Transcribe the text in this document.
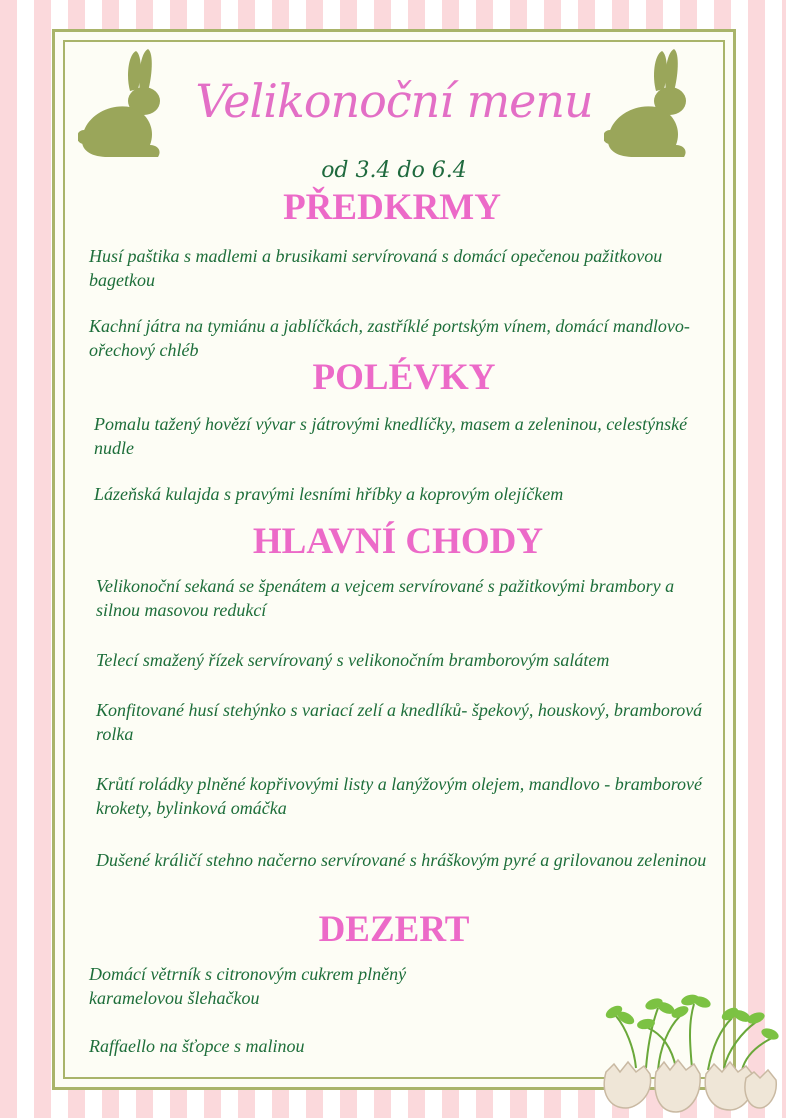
Velikonoční menu
od 3.4 do 6.4
PŘEDKRMY
Husí paštika s madlemi a brusikami servírovaná s domácí opečenou pažitkovou bagetkou
Kachní játra na tymiánu a jablíčkách, zastříklé portským vínem, domácí mandlovo-ořechový chléb
POLÉVKY
Pomalu tažený hovězí vývar s játrovými knedlíčky, masem a zeleninou, celestýnské nudle
Lázeňská kulajda s pravými lesními hříbky a koprovým olejíčkem
HLAVNÍ CHODY
Velikonoční sekaná se špenátem a vejcem servírované s pažitkovými brambory a silnou masovou redukcí
Telecí smažený řízek servírovaný s velikonočním bramborovým salátem
Konfitované husí stehýnko s variací zelí a knedlíků- špekový, houskový, bramborová rolka
Krůtí roládky plněné kopřivovými listy a lanýžovým olejem, mandlovo - bramborové krokety, bylinková omáčka
Dušené králičí stehno načerno servírované s hráškovým pyré a grilovanou zeleninou
DEZERT
Domácí větrník s citronovým cukrem plněný karamelovou šlehačkou
Raffaello na šťopce s malinou
